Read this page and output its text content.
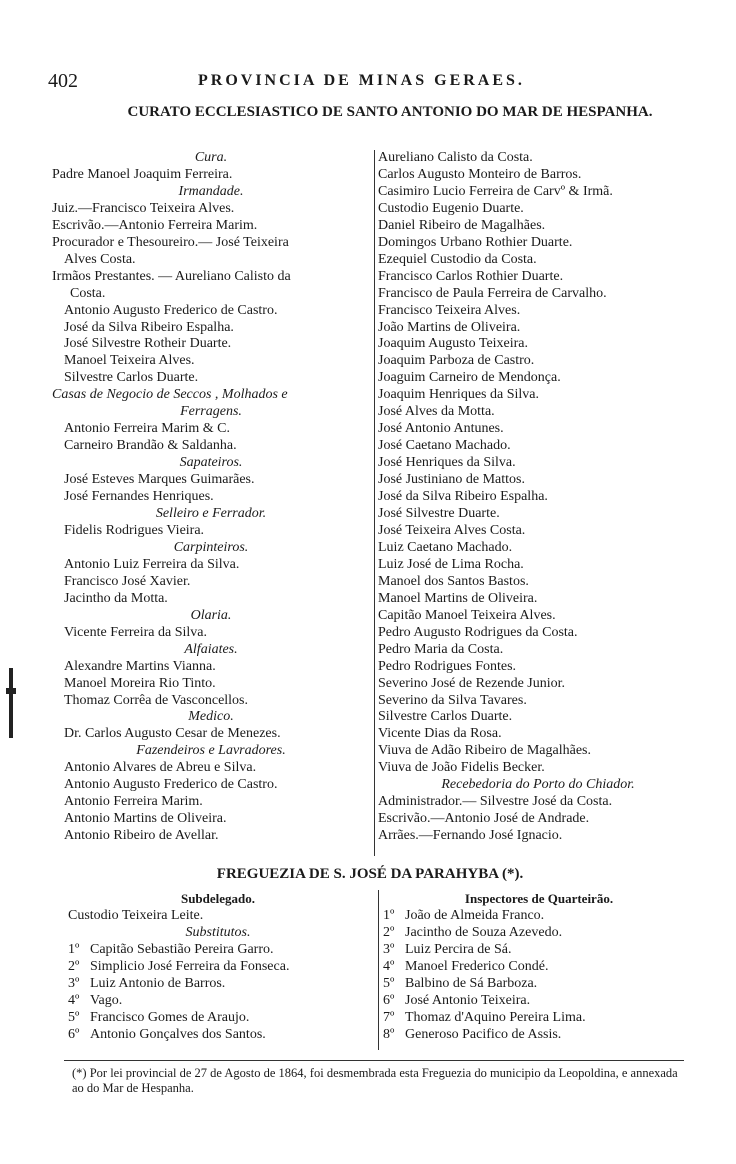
402	PROVINCIA DE MINAS GERAES.
CURATO ECCLESIASTICO DE SANTO ANTONIO DO MAR DE HESPANHA.
Cura.
Padre Manoel Joaquim Ferreira.
Irmandade.
Juiz.—Francisco Teixeira Alves.
Escrivão.—Antonio Ferreira Marim.
Procurador e Thesoureiro.— José Teixeira
Alves Costa.
Irmãos Prestantes. — Aureliano Calisto da
Costa.
Antonio Augusto Frederico de Castro.
José da Silva Ribeiro Espalha.
José Silvestre Rotheir Duarte.
Manoel Teixeira Alves.
Silvestre Carlos Duarte.
Casas de Negocio de Seccos , Molhados e
Ferragens.
Antonio Ferreira Marim & C.
Carneiro Brandão & Saldanha.
Sapateiros.
José Esteves Marques Guimarães.
José Fernandes Henriques.
Selleiro e Ferrador.
Fidelis Rodrigues Vieira.
Carpinteiros.
Antonio Luiz Ferreira da Silva.
Francisco José Xavier.
Jacintho da Motta.
Olaria.
Vicente Ferreira da Silva.
Alfaiates.
Alexandre Martins Vianna.
Manoel Moreira Rio Tinto.
Thomaz Corrêa de Vasconcellos.
Medico.
Dr. Carlos Augusto Cesar de Menezes.
Fazendeiros e Lavradores.
Antonio Alvares de Abreu e Silva.
Antonio Augusto Frederico de Castro.
Antonio Ferreira Marim.
Antonio Martins de Oliveira.
Antonio Ribeiro de Avellar.
Aureliano Calisto da Costa.
Carlos Augusto Monteiro de Barros.
Casimiro Lucio Ferreira de Carvº & Irmã.
Custodio Eugenio Duarte.
Daniel Ribeiro de Magalhães.
Domingos Urbano Rothier Duarte.
Ezequiel Custodio da Costa.
Francisco Carlos Rothier Duarte.
Francisco de Paula Ferreira de Carvalho.
Francisco Teixeira Alves.
João Martins de Oliveira.
Joaquim Augusto Teixeira.
Joaquim Parboza de Castro.
Joaguim Carneiro de Mendonça.
Joaquim Henriques da Silva.
José Alves da Motta.
José Antonio Antunes.
José Caetano Machado.
José Henriques da Silva.
José Justiniano de Mattos.
José da Silva Ribeiro Espalha.
José Silvestre Duarte.
José Teixeira Alves Costa.
Luiz Caetano Machado.
Luiz José de Lima Rocha.
Manoel dos Santos Bastos.
Manoel Martins de Oliveira.
Capitão Manoel Teixeira Alves.
Pedro Augusto Rodrigues da Costa.
Pedro Maria da Costa.
Pedro Rodrigues Fontes.
Severino José de Rezende Junior.
Severino da Silva Tavares.
Silvestre Carlos Duarte.
Vicente Dias da Rosa.
Viuva de Adão Ribeiro de Magalhães.
Viuva de João Fidelis Becker.
Recebedoria do Porto do Chiador.
Administrador.— Silvestre José da Costa.
Escrivão.—Antonio José de Andrade.
Arrães.—Fernando José Ignacio.
FREGUEZIA DE S. JOSÉ DA PARAHYBA (*).
Subdelegado.
Custodio Teixeira Leite.
Substitutos.
1º Capitão Sebastião Pereira Garro.
2º Simplicio José Ferreira da Fonseca.
3º Luiz Antonio de Barros.
4º Vago.
5º Francisco Gomes de Araujo.
6º Antonio Gonçalves dos Santos.
Inspectores de Quarteirão.
1º João de Almeida Franco.
2º Jacintho de Souza Azevedo.
3º Luiz Percira de Sá.
4º Manoel Frederico Condé.
5º Balbino de Sá Barboza.
6º José Antonio Teixeira.
7º Thomaz d'Aquino Pereira Lima.
8º Generoso Pacifico de Assis.
(*) Por lei provincial de 27 de Agosto de 1864, foi desmembrada esta Freguezia do municipio da Leopoldina, e annexada ao do Mar de Hespanha.
